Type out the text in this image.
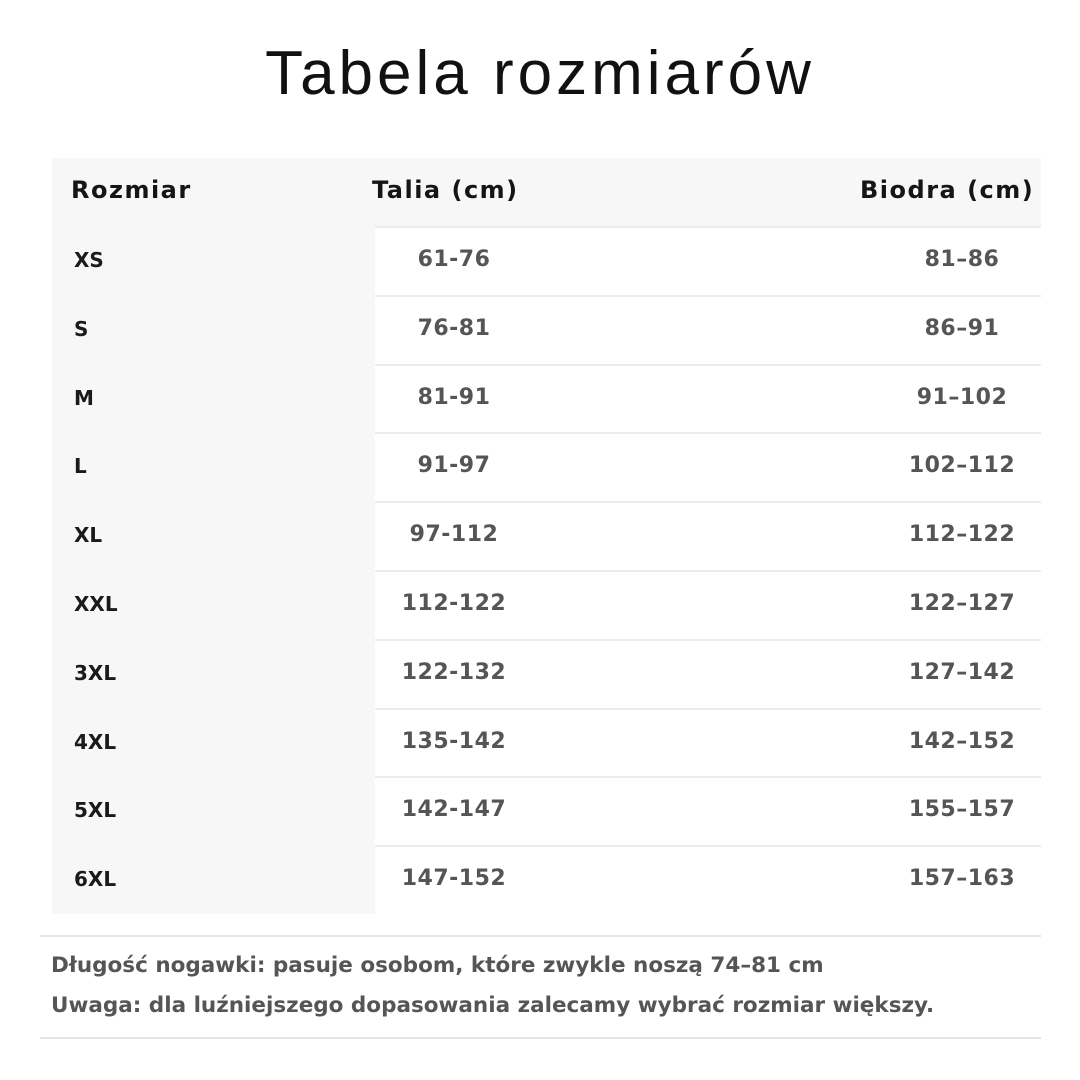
Tabela rozmiarów
Rozmiar	Talia (cm)	Biodra (cm)
XS	61-76	81–86
S	76-81	86–91
M	81-91	91–102
L	91-97	102–112
XL	97-112	112–122
XXL	112-122	122–127
3XL	122-132	127–142
4XL	135-142	142–152
5XL	142-147	155–157
6XL	147-152	157–163
Długość nogawki: pasuje osobom, które zwykle noszą 74–81 cm
Uwaga: dla luźniejszego dopasowania zalecamy wybrać rozmiar większy.
